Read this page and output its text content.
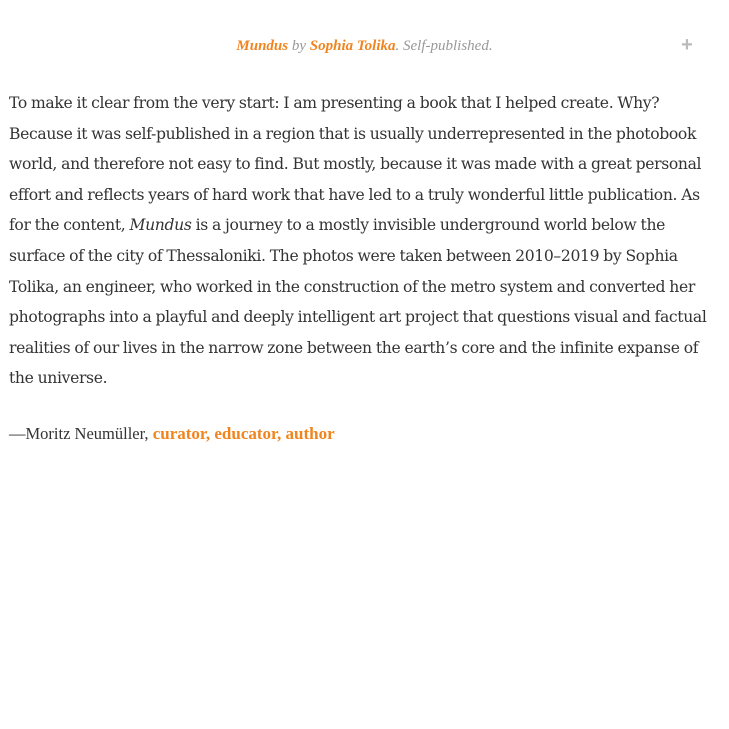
Mundus by Sophia Tolika. Self-published.	+

To make it clear from the very start: I am presenting a book that I helped create. Why? Because it was self-published in a region that is usually underrepresented in the photobook world, and therefore not easy to find. But mostly, because it was made with a great personal effort and reflects years of hard work that have led to a truly wonderful little publication. As for the content, Mundus is a journey to a mostly invisible underground world below the surface of the city of Thessaloniki. The photos were taken between 2010–2019 by Sophia Tolika, an engineer, who worked in the construction of the metro system and converted her photographs into a playful and deeply intelligent art project that questions visual and factual realities of our lives in the narrow zone between the earth’s core and the infinite expanse of the universe.

—Moritz Neumüller, curator, educator, author
